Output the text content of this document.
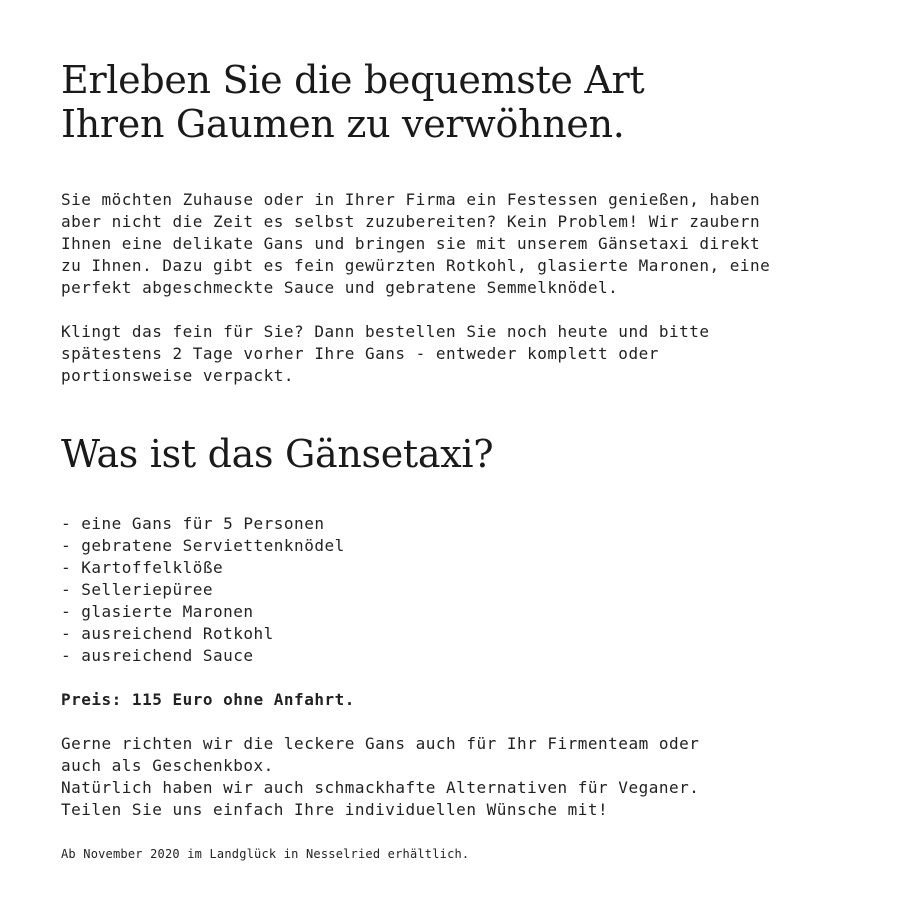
Erleben Sie die bequemste Art
Ihren Gaumen zu verwöhnen.
Sie möchten Zuhause oder in Ihrer Firma ein Festessen genießen, haben
aber nicht die Zeit es selbst zuzubereiten? Kein Problem! Wir zaubern
Ihnen eine delikate Gans und bringen sie mit unserem Gänsetaxi direkt
zu Ihnen. Dazu gibt es fein gewürzten Rotkohl, glasierte Maronen, eine
perfekt abgeschmeckte Sauce und gebratene Semmelknödel.
Klingt das fein für Sie? Dann bestellen Sie noch heute und bitte
spätestens 2 Tage vorher Ihre Gans - entweder komplett oder
portionsweise verpackt.
Was ist das Gänsetaxi?
- eine Gans für 5 Personen
- gebratene Serviettenknödel
- Kartoffelklöße
- Selleriepüree
- glasierte Maronen
- ausreichend Rotkohl
- ausreichend Sauce
Preis: 115 Euro ohne Anfahrt.
Gerne richten wir die leckere Gans auch für Ihr Firmenteam oder
auch als Geschenkbox.
Natürlich haben wir auch schmackhafte Alternativen für Veganer.
Teilen Sie uns einfach Ihre individuellen Wünsche mit!
Ab November 2020 im Landglück in Nesselried erhältlich.
